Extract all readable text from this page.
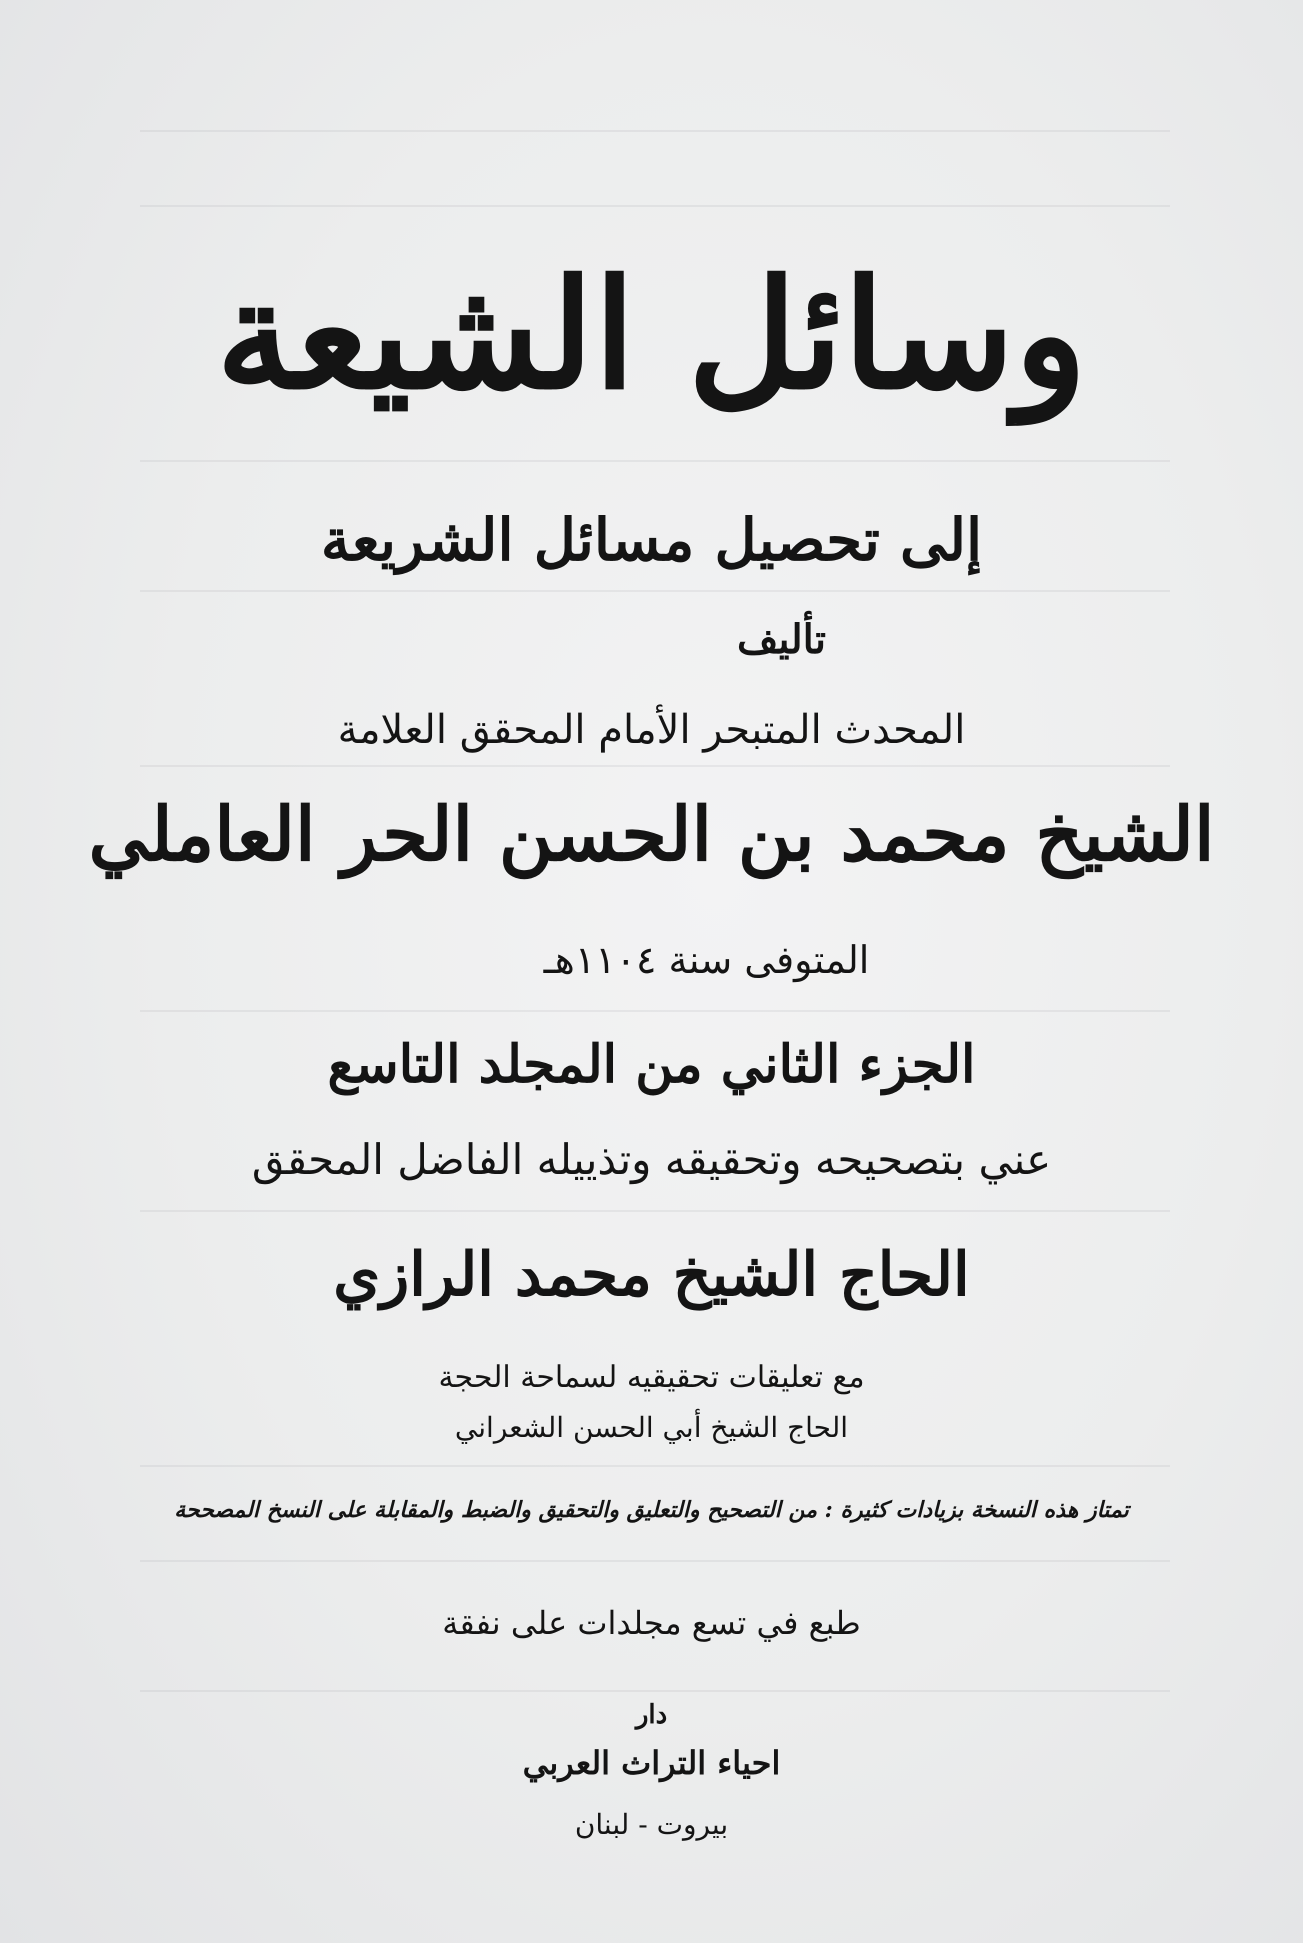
وسائل الشيعة
إلى تحصيل مسائل الشريعة
تأليف
المحدث المتبحر الأمام المحقق العلامة
الشيخ محمد بن الحسن الحر العاملي
المتوفى سنة ١١٠٤هـ
الجزء الثاني من المجلد التاسع
عني بتصحيحه وتحقيقه وتذييله الفاضل المحقق
الحاج الشيخ محمد الرازي
مع تعليقات تحقيقيه لسماحة الحجة
الحاج الشيخ أبي الحسن الشعراني
تمتاز هذه النسخة بزيادات كثيرة : من التصحيح والتعليق والتحقيق والضبط والمقابلة على النسخ المصححة
طبع في تسع مجلدات على نفقة
دار
احياء التراث العربي
بيروت - لبنان
